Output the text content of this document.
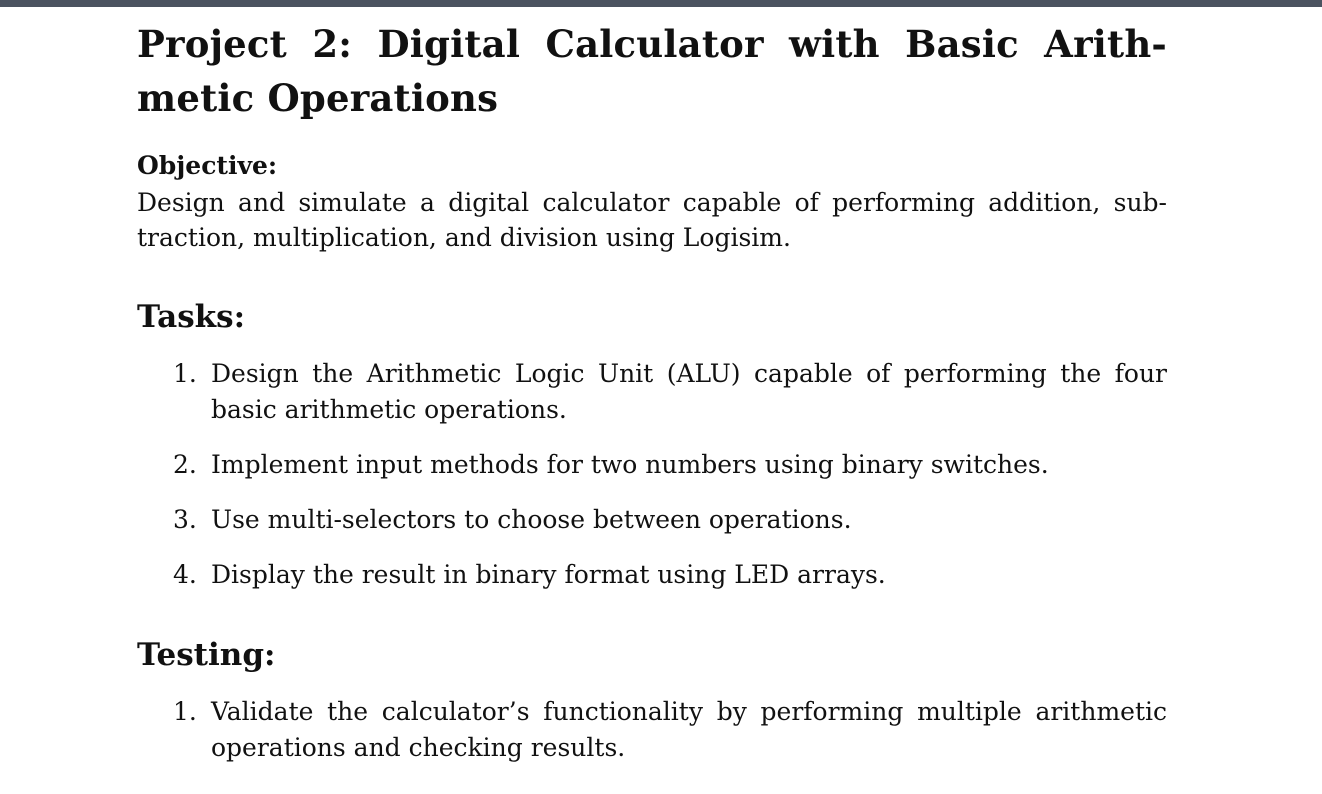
Project 2: Digital Calculator with Basic Arith-
metic Operations
Objective:
Design and simulate a digital calculator capable of performing addition, sub-
traction, multiplication, and division using Logisim.
Tasks:
1. Design the Arithmetic Logic Unit (ALU) capable of performing the four
basic arithmetic operations.
2. Implement input methods for two numbers using binary switches.
3. Use multi-selectors to choose between operations.
4. Display the result in binary format using LED arrays.
Testing:
1. Validate the calculator’s functionality by performing multiple arithmetic
operations and checking results.
